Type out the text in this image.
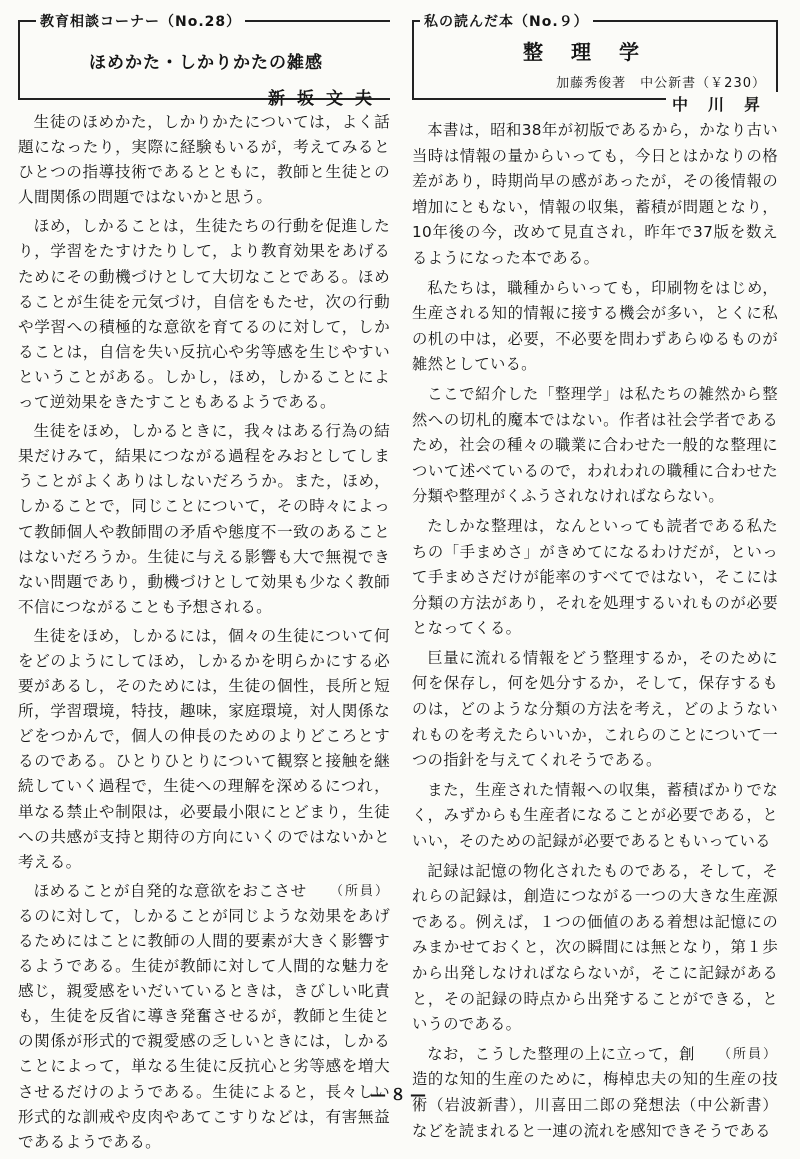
教育相談コーナー（No.28）
ほめかた・しかりかたの雑感
新坂文夫

生徒のほめかた，しかりかたについては，よく話題になったり，実際に経験もいるが，考えてみるとひとつの指導技術であるとともに，教師と生徒との人間関係の問題ではないかと思う。

ほめ，しかることは，生徒たちの行動を促進したり，学習をたすけたりして，より教育効果をあげるためにその動機づけとして大切なことである。ほめることが生徒を元気づけ，自信をもたせ，次の行動や学習への積極的な意欲を育てるのに対して，しかることは，自信を失い反抗心や劣等感を生じやすいということがある。しかし，ほめ，しかることによって逆効果をきたすこともあるようである。

生徒をほめ，しかるときに，我々はある行為の結果だけみて，結果につながる過程をみおとしてしまうことがよくありはしないだろうか。また，ほめ，しかることで，同じことについて，その時々によって教師個人や教師間の矛盾や態度不一致のあることはないだろうか。生徒に与える影響も大で無視できない問題であり，動機づけとして効果も少なく教師不信につながることも予想される。

生徒をほめ，しかるには，個々の生徒について何をどのようにしてほめ，しかるかを明らかにする必要があるし，そのためには，生徒の個性，長所と短所，学習環境，特技，趣味，家庭環境，対人関係などをつかんで，個人の伸長のためのよりどころとするのである。ひとりひとりについて観察と接触を継続していく過程で，生徒への理解を深めるにつれ，単なる禁止や制限は，必要最小限にとどまり，生徒への共感が支持と期待の方向にいくのではないかと考える。

（所員）
ほめることが自発的な意欲をおこさせるのに対して，しかることが同じような効果をあげるためにはことに教師の人間的要素が大きく影響するようである。生徒が教師に対して人間的な魅力を感じ，親愛感をいだいているときは，きびしい叱責も，生徒を反省に導き発奮させるが，教師と生徒との関係が形式的で親愛感の乏しいときには，しかることによって，単なる生徒に反抗心と劣等感を増大させるだけのようである。生徒によると，長々しい形式的な訓戒や皮肉やあてこすりなどは，有害無益であるようである。

私の読んだ本（No.９）
整理学
加藤秀俊著　中公新書（￥230）
中川昇

本書は，昭和38年が初版であるから，かなり古い当時は情報の量からいっても，今日とはかなりの格差があり，時期尚早の感があったが，その後情報の増加にともない，情報の収集，蓄積が問題となり，10年後の今，改めて見直され，昨年で37版を数えるようになった本である。

私たちは，職種からいっても，印刷物をはじめ，生産される知的情報に接する機会が多い，とくに私の机の中は，必要，不必要を問わずあらゆるものが雑然としている。

ここで紹介した「整理学」は私たちの雑然から整然への切札的魔本ではない。作者は社会学者であるため，社会の種々の職業に合わせた一般的な整理について述べているので，われわれの職種に合わせた分類や整理がくふうされなければならない。

たしかな整理は，なんといっても読者である私たちの「手まめさ」がきめてになるわけだが，といって手まめさだけが能率のすべてではない，そこには分類の方法があり，それを処理するいれものが必要となってくる。

巨量に流れる情報をどう整理するか，そのために何を保存し，何を処分するか，そして，保存するものは，どのような分類の方法を考え，どのようないれものを考えたらいいか，これらのことについて一つの指針を与えてくれそうである。

また，生産された情報への収集，蓄積ばかりでなく，みずからも生産者になることが必要である，といい，そのための記録が必要であるともいっている

記録は記憶の物化されたものである，そして，それらの記録は，創造につながる一つの大きな生産源である。例えば，１つの価値のある着想は記憶にのみまかせておくと，次の瞬間には無となり，第１歩から出発しなければならないが，そこに記録があると，その記録の時点から出発することができる，というのである。

（所員）
なお，こうした整理の上に立って，創造的な知的生産のために，梅棹忠夫の知的生産の技術（岩波新書），川喜田二郎の発想法（中公新書）などを読まれると一連の流れを感知できそうである

—８—
